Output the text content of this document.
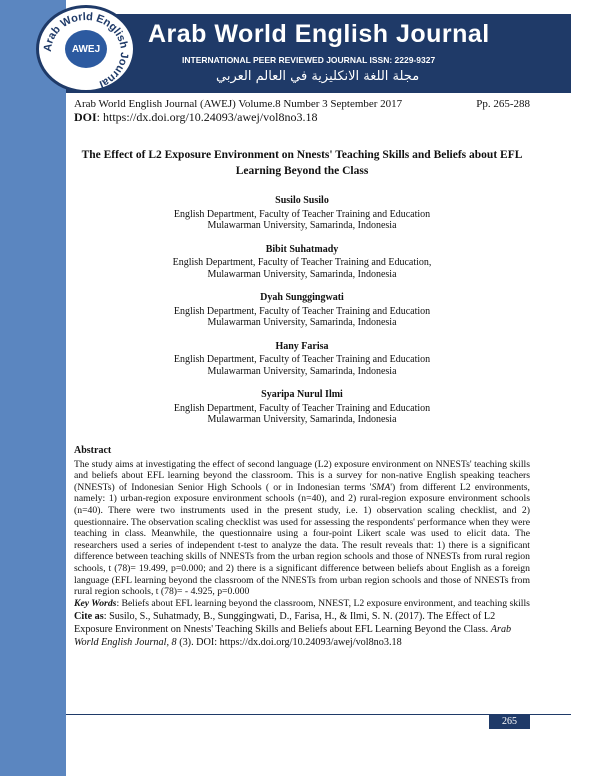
Arab World English Journal
INTERNATIONAL PEER REVIEWED JOURNAL ISSN: 2229-9327
مجلة اللغة الانكليزية في العالم العربي
Arab World English Journal
AWEJ
Arab World English Journal (AWEJ) Volume.8 Number 3 September 2017	Pp. 265-288
DOI: https://dx.doi.org/10.24093/awej/vol8no3.18
The Effect of L2 Exposure Environment on Nnests' Teaching Skills and Beliefs about EFL Learning Beyond the Class
Susilo Susilo
English Department, Faculty of Teacher Training and Education
Mulawarman University, Samarinda, Indonesia
Bibit Suhatmady
English Department, Faculty of Teacher Training and Education,
Mulawarman University, Samarinda, Indonesia
Dyah Sunggingwati
English Department, Faculty of Teacher Training and Education
Mulawarman University, Samarinda, Indonesia
Hany Farisa
English Department, Faculty of Teacher Training and Education
Mulawarman University, Samarinda, Indonesia
Syaripa Nurul Ilmi
English Department, Faculty of Teacher Training and Education
Mulawarman University, Samarinda, Indonesia
Abstract

The study aims at investigating the effect of second language (L2) exposure environment on NNESTs' teaching skills and beliefs about EFL learning beyond the classroom. This is a survey for non-native English speaking teachers (NNESTs) of Indonesian Senior High Schools ( or in Indonesian terms 'SMA') from different L2 environments, namely: 1) urban-region exposure environment schools (n=40), and 2) rural-region exposure environment schools (n=40). There were two instruments used in the present study, i.e. 1) observation scaling checklist, and 2) questionnaire. The observation scaling checklist was used for assessing the respondents' performance when they were teaching in class. Meanwhile, the questionnaire using a four-point Likert scale was used to elicit data. The researchers used a series of independent t-test to analyze the data. The result reveals that: 1) there is a significant difference between teaching skills of NNESTs from the urban region schools and those of NNESTs from rural region schools, t (78)= 19.499, p=0.000; and 2) there is a significant difference between beliefs about English as a foreign language (EFL learning beyond the classroom of the NNESTs from urban region schools and those of NNESTs from rural region schools, t (78)= - 4.925, p=0.000

Key Words: Beliefs about EFL learning beyond the classroom, NNEST, L2 exposure environment, and teaching skills
Cite as: Susilo, S., Suhatmady, B., Sunggingwati, D., Farisa, H., & Ilmi, S. N. (2017). The Effect of L2 Exposure Environment on Nnests' Teaching Skills and Beliefs about EFL Learning Beyond the Class. Arab World English Journal, 8 (3). DOI: https://dx.doi.org/10.24093/awej/vol8no3.18
265
